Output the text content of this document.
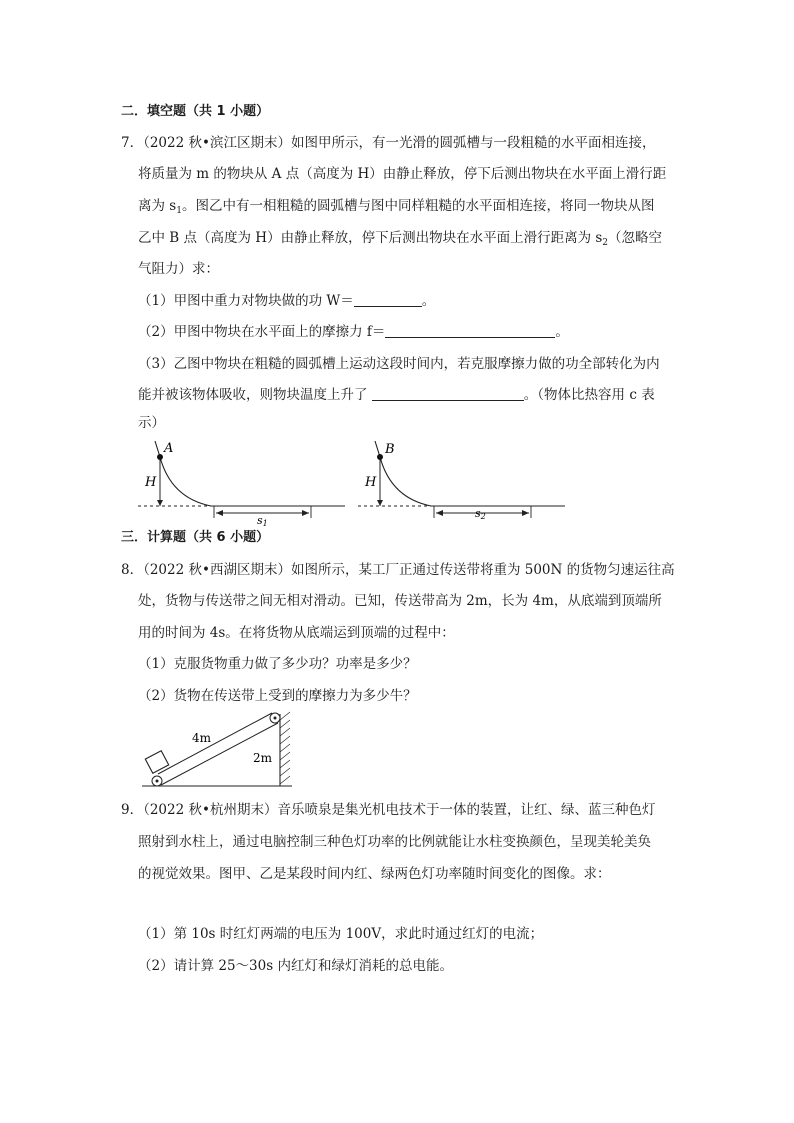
二．填空题（共 1 小题）
7．（2022 秋•滨江区期末）如图甲所示，有一光滑的圆弧槽与一段粗糙的水平面相连接，
将质量为 m 的物块从 A 点（高度为 H）由静止释放，停下后测出物块在水平面上滑行距
离为 $s_1$。图乙中有一相粗糙的圆弧槽与图中同样粗糙的水平面相连接，将同一物块从图
乙中 B 点（高度为 H）由静止释放，停下后测出物块在水平面上滑行距离为 $s_2$（忽略空
气阻力）求：
（1）甲图中重力对物块做的功 W＝	。
（2）甲图中物块在水平面上的摩擦力 f＝	。
（3）乙图中物块在粗糙的圆弧槽上运动这段时间内，若克服摩擦力做的功全部转化为内
能并被该物体吸收，则物块温度上升了	。（物体比热容用 c 表
示）
A
H
s1
B
H
s2
三．计算题（共 6 小题）
8．（2022 秋•西湖区期末）如图所示，某工厂正通过传送带将重为 500N 的货物匀速运往高
处，货物与传送带之间无相对滑动。已知，传送带高为 2m，长为 4m，从底端到顶端所
用的时间为 4s。在将货物从底端运到顶端的过程中：
（1）克服货物重力做了多少功？功率是多少？
（2）货物在传送带上受到的摩擦力为多少牛？
4m
2m
9．（2022 秋•杭州期末）音乐喷泉是集光机电技术于一体的装置，让红、绿、蓝三种色灯
照射到水柱上，通过电脑控制三种色灯功率的比例就能让水柱变换颜色，呈现美轮美奂
的视觉效果。图甲、乙是某段时间内红、绿两色灯功率随时间变化的图像。求：
（1）第 10s 时红灯两端的电压为 100V，求此时通过红灯的电流；
（2）请计算 25～30s 内红灯和绿灯消耗的总电能。
